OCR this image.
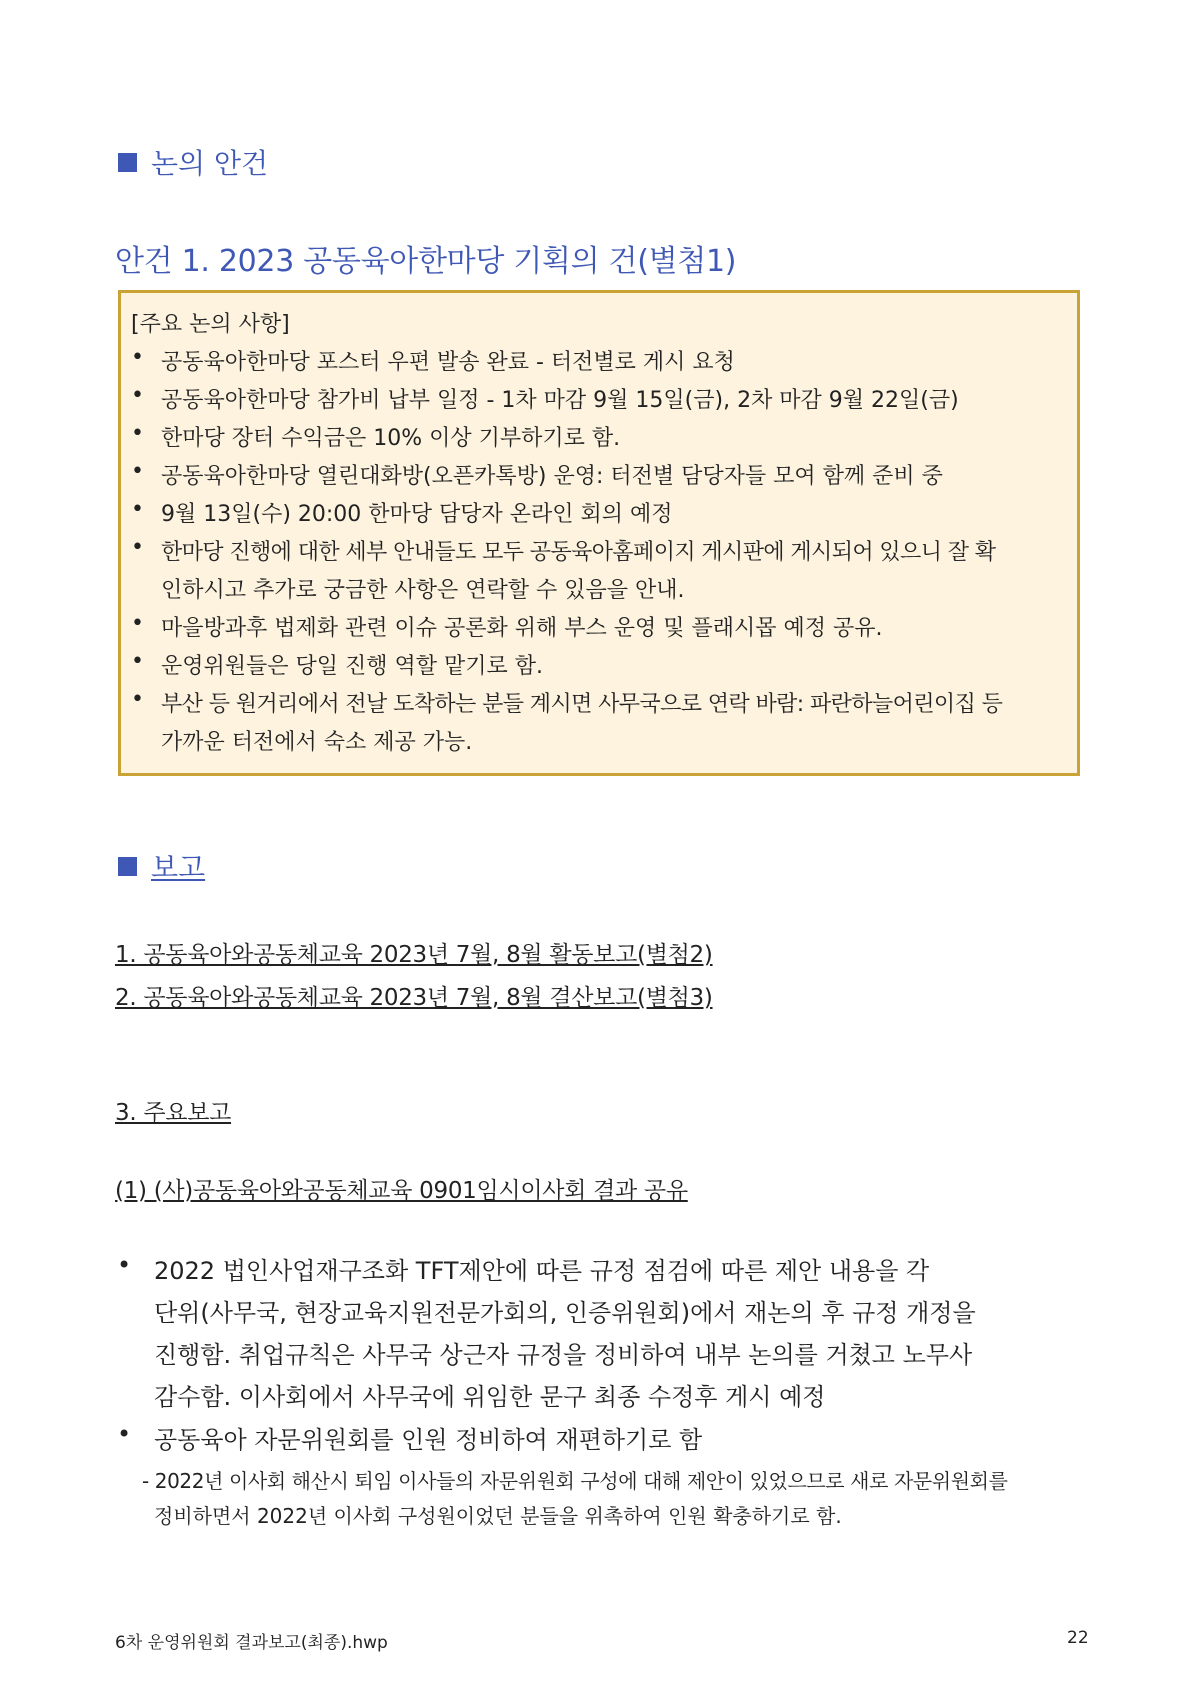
논의 안건
안건 1. 2023 공동육아한마당 기획의 건(별첨1)
[주요 논의 사항]
• 공동육아한마당 포스터 우편 발송 완료 - 터전별로 게시 요청
• 공동육아한마당 참가비 납부 일정 - 1차 마감 9월 15일(금), 2차 마감 9월 22일(금)
• 한마당 장터 수익금은 10% 이상 기부하기로 함.
• 공동육아한마당 열린대화방(오픈카톡방) 운영: 터전별 담당자들 모여 함께 준비 중
• 9월 13일(수) 20:00 한마당 담당자 온라인 회의 예정
• 한마당 진행에 대한 세부 안내들도 모두 공동육아홈페이지 게시판에 게시되어 있으니 잘 확
인하시고 추가로 궁금한 사항은 연락할 수 있음을 안내.
• 마을방과후 법제화 관련 이슈 공론화 위해 부스 운영 및 플래시몹 예정 공유.
• 운영위원들은 당일 진행 역할 맡기로 함.
• 부산 등 원거리에서 전날 도착하는 분들 계시면 사무국으로 연락 바람: 파란하늘어린이집 등
가까운 터전에서 숙소 제공 가능.
보고
1. 공동육아와공동체교육 2023년 7월, 8월 활동보고(별첨2)
2. 공동육아와공동체교육 2023년 7월, 8월 결산보고(별첨3)
3. 주요보고
(1) (사)공동육아와공동체교육 0901임시이사회 결과 공유
• 2022 법인사업재구조화 TFT제안에 따른 규정 점검에 따른 제안 내용을 각
단위(사무국, 현장교육지원전문가회의, 인증위원회)에서 재논의 후 규정 개정을
진행함. 취업규칙은 사무국 상근자 규정을 정비하여 내부 논의를 거쳤고 노무사
감수함. 이사회에서 사무국에 위임한 문구 최종 수정후 게시 예정
• 공동육아 자문위원회를 인원 정비하여 재편하기로 함
- 2022년 이사회 해산시 퇴임 이사들의 자문위원회 구성에 대해 제안이 있었으므로 새로 자문위원회를
정비하면서 2022년 이사회 구성원이었던 분들을 위촉하여 인원 확충하기로 함.
6차 운영위원회 결과보고(최종).hwp	22
